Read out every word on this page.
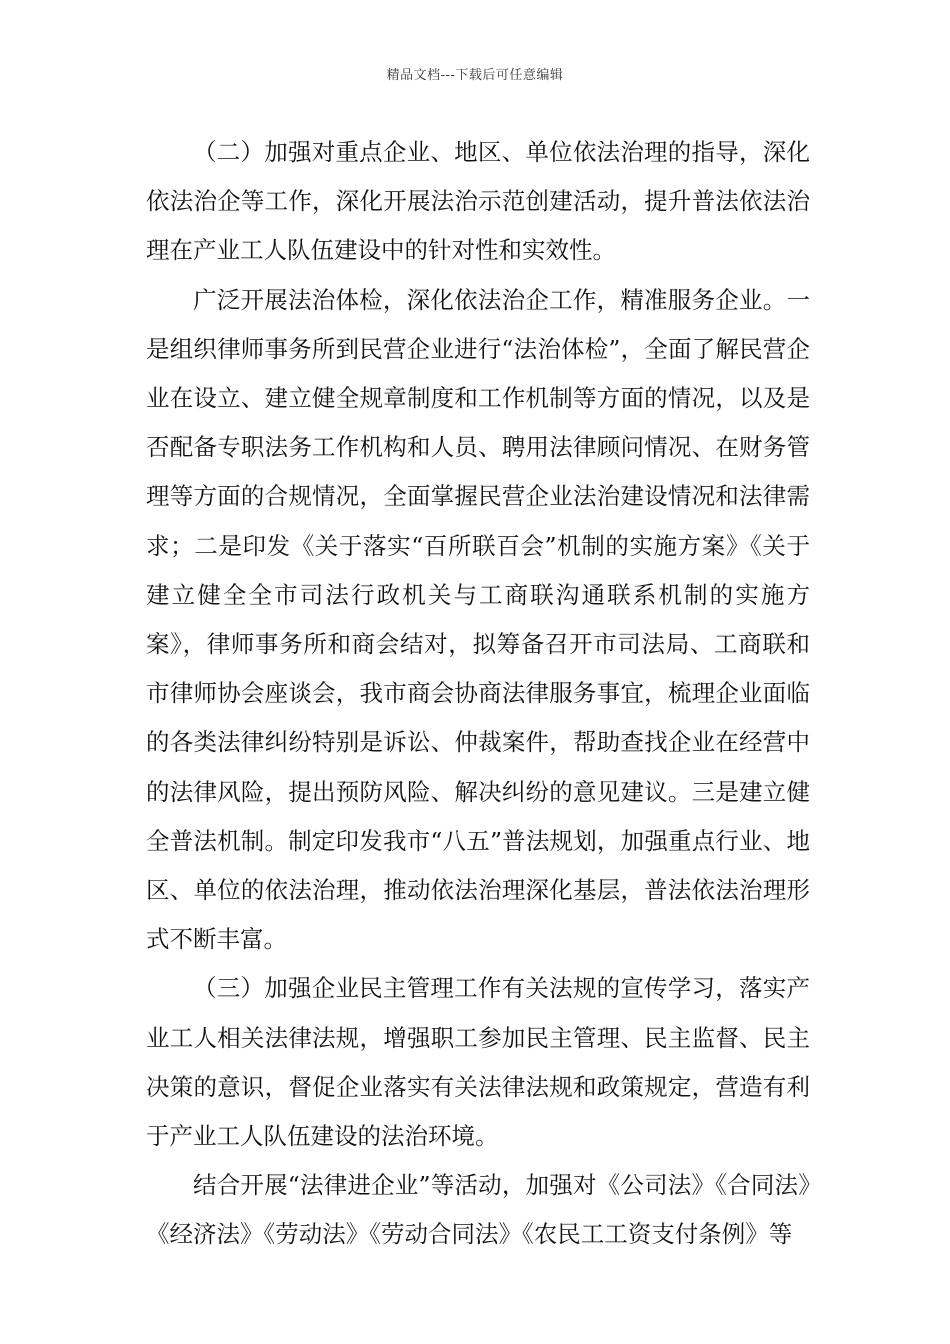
精品文档---下载后可任意编辑

（二）加强对重点企业、地区、单位依法治理的指导，深化依法治企等工作，深化开展法治示范创建活动，提升普法依法治理在产业工人队伍建设中的针对性和实效性。

广泛开展法治体检，深化依法治企工作，精准服务企业。一是组织律师事务所到民营企业进行“法治体检”，全面了解民营企业在设立、建立健全规章制度和工作机制等方面的情况，以及是否配备专职法务工作机构和人员、聘用法律顾问情况、在财务管理等方面的合规情况，全面掌握民营企业法治建设情况和法律需求；二是印发《关于落实“百所联百会”机制的实施方案》《关于建立健全全市司法行政机关与工商联沟通联系机制的实施方案》，律师事务所和商会结对，拟筹备召开市司法局、工商联和市律师协会座谈会，我市商会协商法律服务事宜，梳理企业面临的各类法律纠纷特别是诉讼、仲裁案件，帮助查找企业在经营中的法律风险，提出预防风险、解决纠纷的意见建议。三是建立健全普法机制。制定印发我市“八五”普法规划，加强重点行业、地区、单位的依法治理，推动依法治理深化基层，普法依法治理形式不断丰富。

（三）加强企业民主管理工作有关法规的宣传学习，落实产业工人相关法律法规，增强职工参加民主管理、民主监督、民主决策的意识，督促企业落实有关法律法规和政策规定，营造有利于产业工人队伍建设的法治环境。

结合开展“法律进企业”等活动，加强对《公司法》《合同法》《经济法》《劳动法》《劳动合同法》《农民工工资支付条例》等
